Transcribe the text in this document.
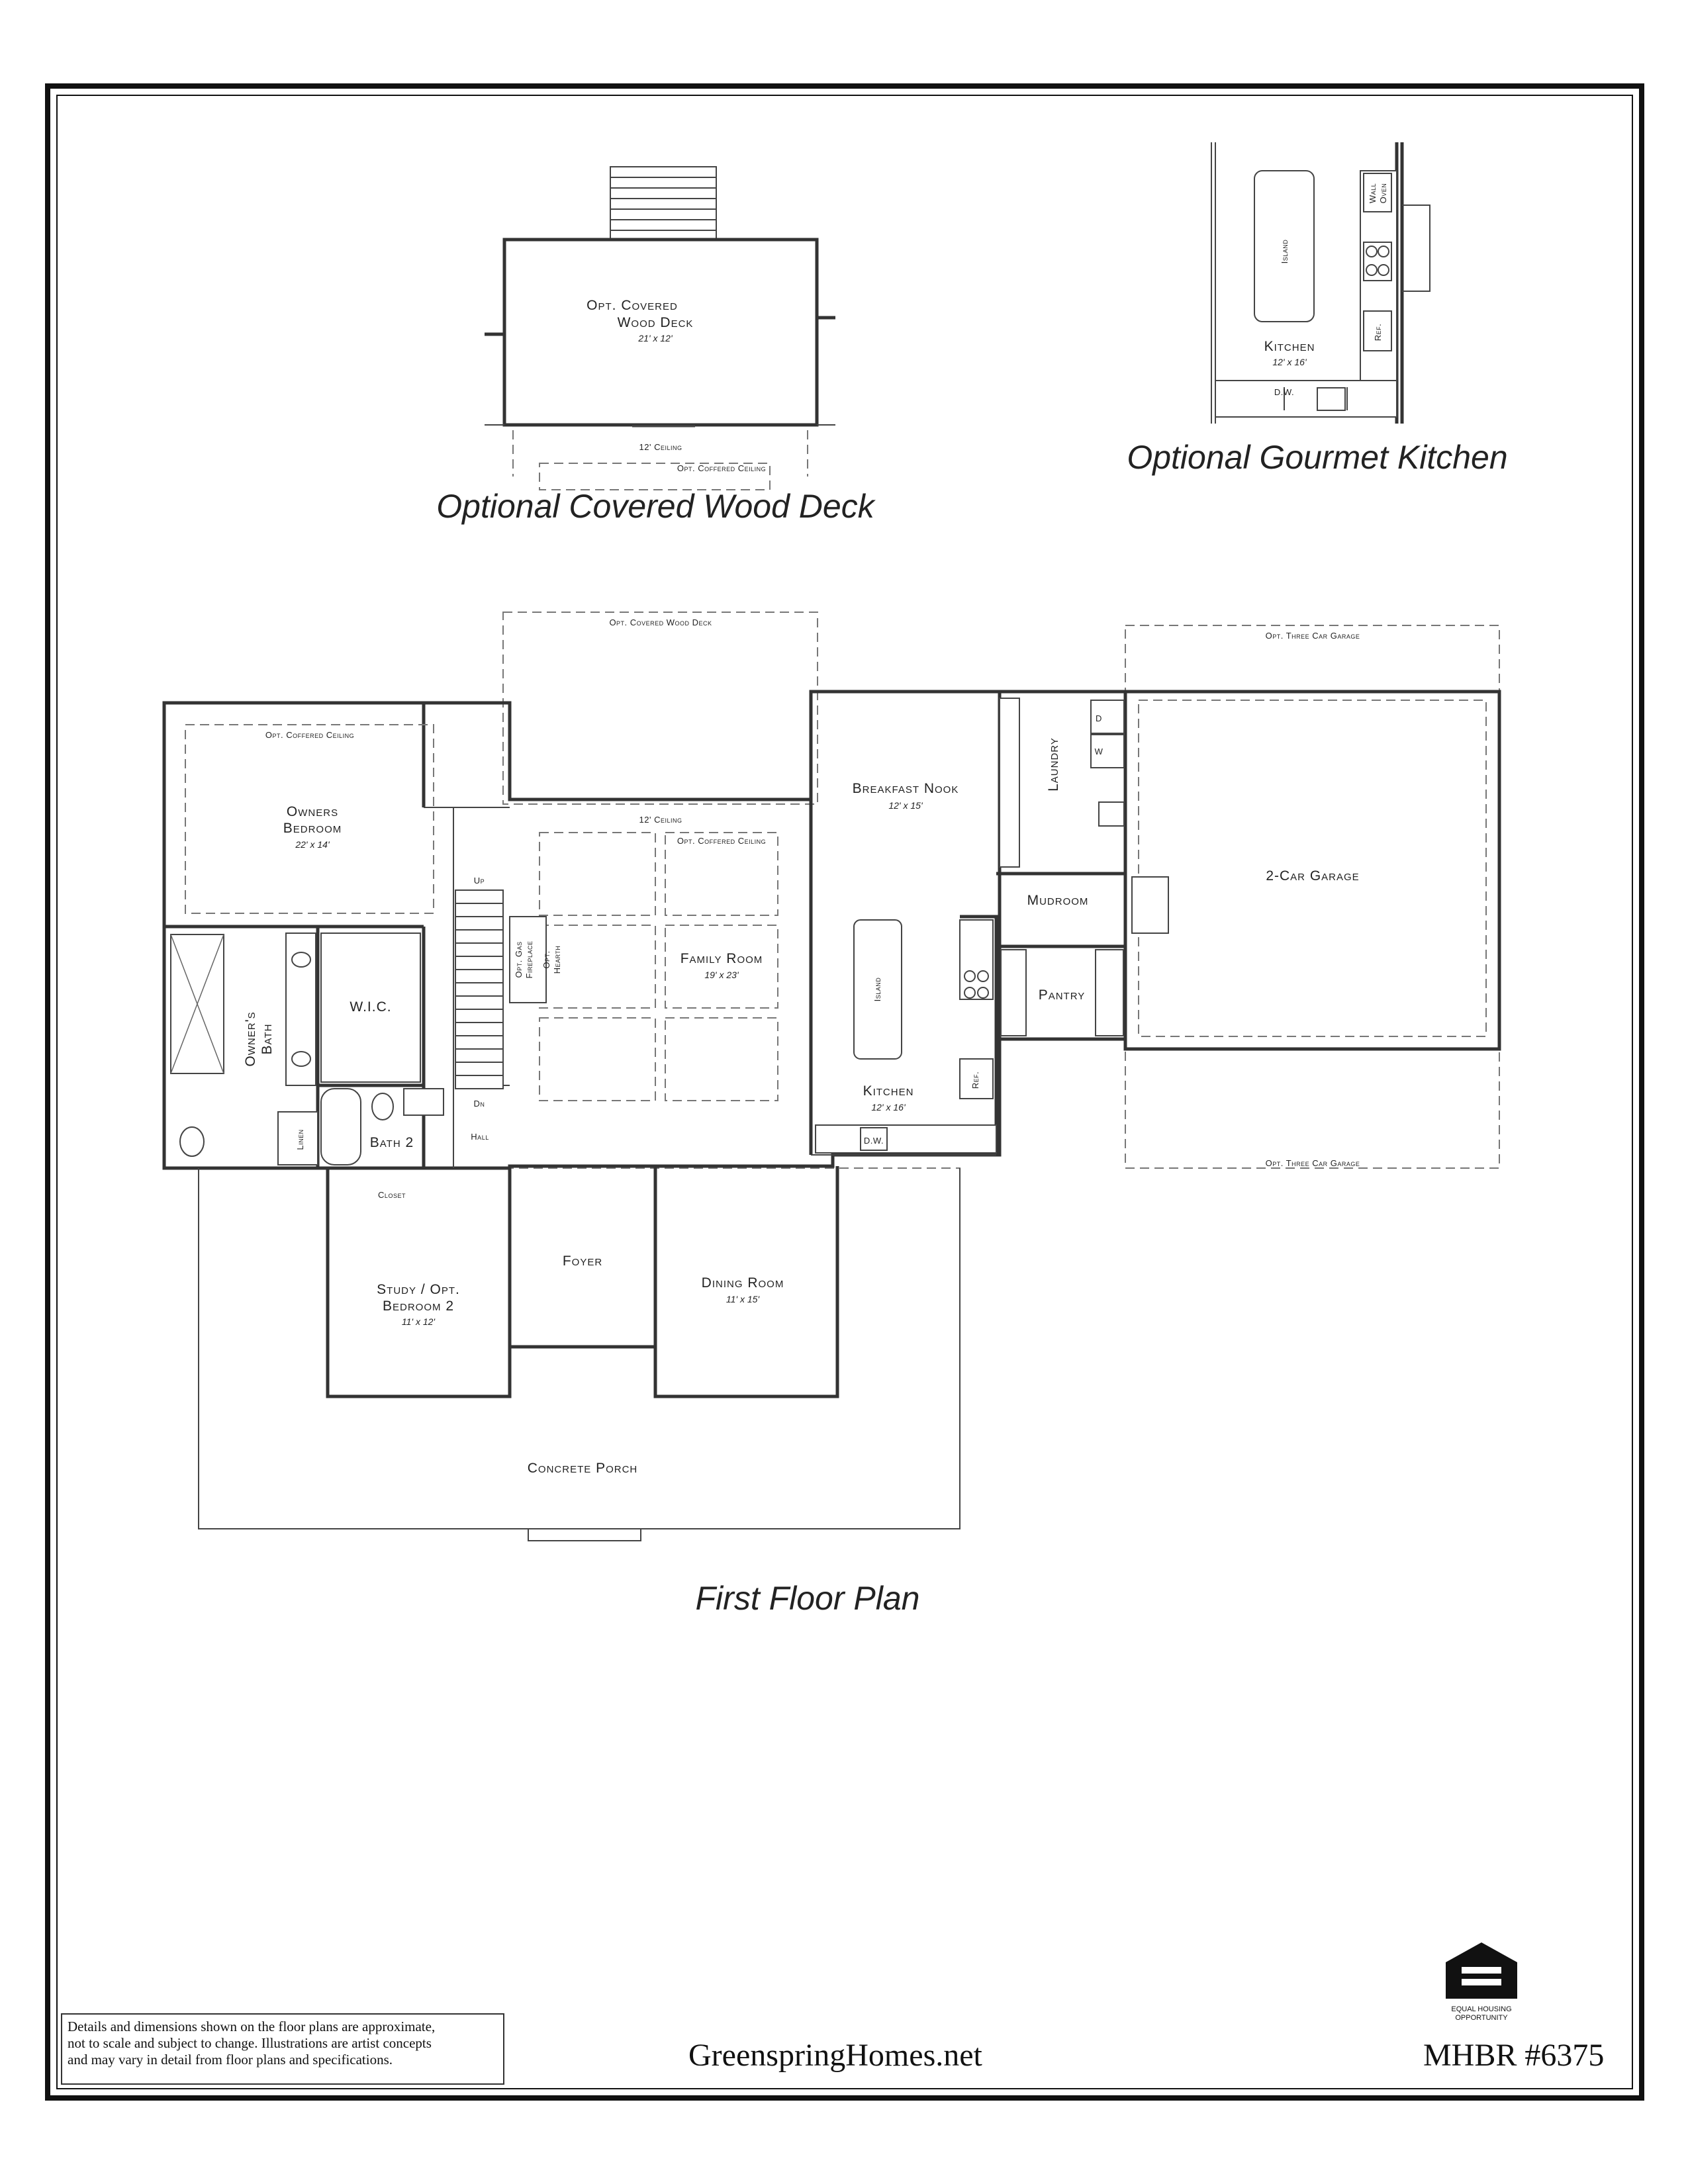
Opt. Covered
Wood Deck
21' x 12'
12' Ceiling
Opt. Coffered Ceiling
Island
Wall Oven
Ref.
Kitchen
12' x 16'
D.W.
Optional Covered Wood Deck
Optional Gourmet Kitchen
First Floor Plan
Opt. Covered Wood Deck
Opt. Three Car Garage
Opt. Three Car Garage
Opt. Coffered Ceiling
Owners
Bedroom
22' x 14'
Owner's Bath
W.I.C.
Linen	Bath 2	Hall
Up
Dn
Closet
Opt. Gas Fireplace Opt. Hearth
12' Ceiling
Opt. Coffered Ceiling
Family Room
19' x 23'
Breakfast Nook
12' x 15'
Island
Kitchen
12' x 16'
Ref.
D.W.
Laundry
D
W
Mudroom
Pantry
2-Car Garage
Study / Opt.
Bedroom 2
11' x 12'
Foyer
Dining Room
11' x 15'
Concrete Porch
EQUAL HOUSING
OPPORTUNITY
Details and dimensions shown on the floor plans are approximate,
not to scale and subject to change. Illustrations are artist concepts
and may vary in detail from floor plans and specifications.	GreenspringHomes.net	MHBR #6375
